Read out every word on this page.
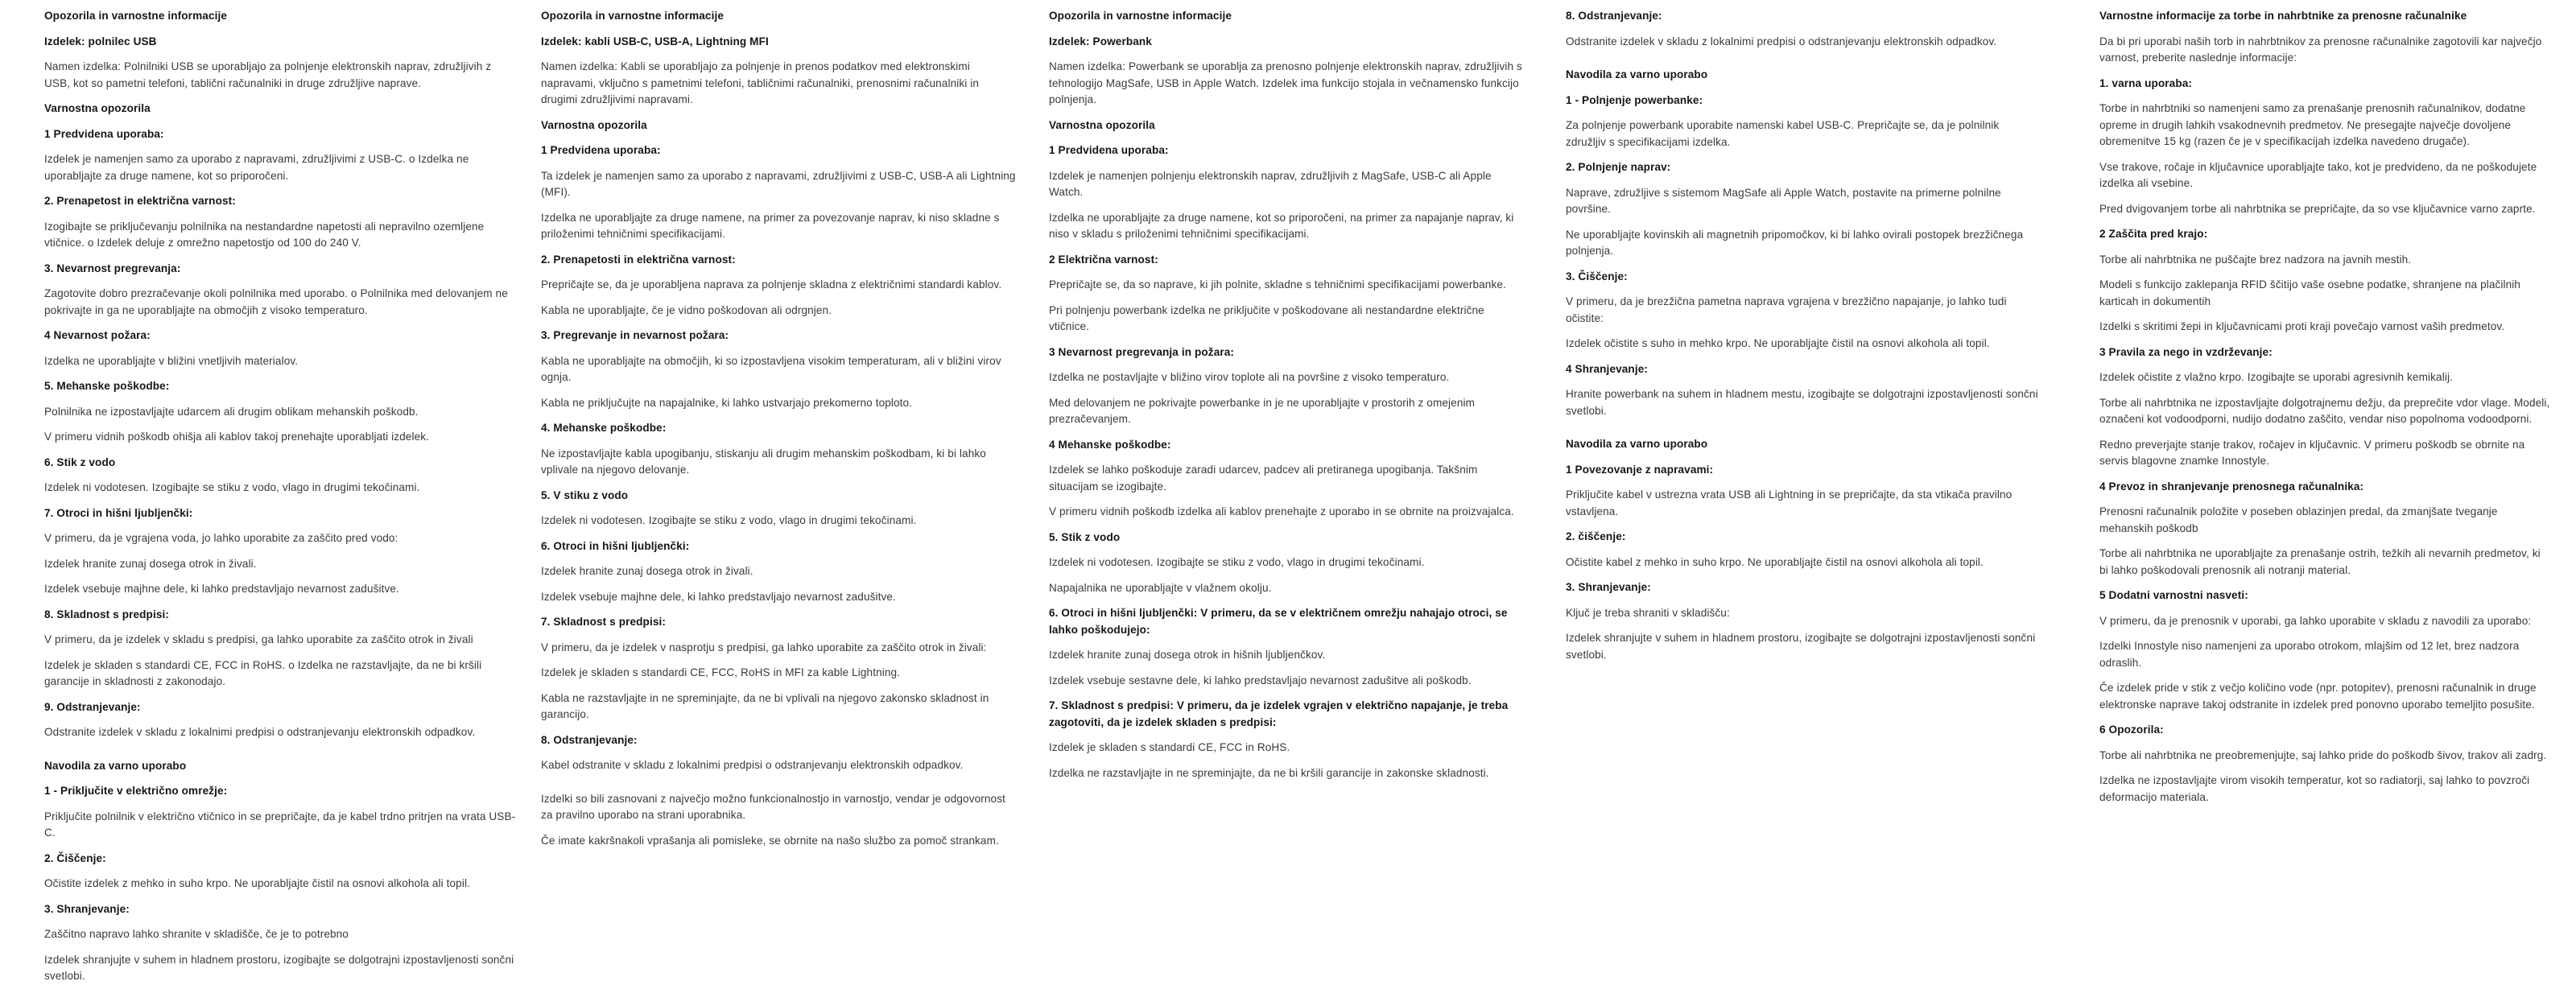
Opozorila in varnostne informacije

Izdelek: polnilec USB

Namen izdelka: Polnilniki USB se uporabljajo za polnjenje elektronskih naprav, združljivih z USB, kot so pametni telefoni, tablični računalniki in druge združljive naprave.

Varnostna opozorila

1 Predvidena uporaba:

Izdelek je namenjen samo za uporabo z napravami, združljivimi z USB-C. o Izdelka ne uporabljajte za druge namene, kot so priporočeni.

2. Prenapetost in električna varnost:

Izogibajte se priključevanju polnilnika na nestandardne napetosti ali nepravilno ozemljene vtičnice. o Izdelek deluje z omrežno napetostjo od 100 do 240 V.

3. Nevarnost pregrevanja:

Zagotovite dobro prezračevanje okoli polnilnika med uporabo. o Polnilnika med delovanjem ne pokrivajte in ga ne uporabljajte na območjih z visoko temperaturo.

4 Nevarnost požara:

Izdelka ne uporabljajte v bližini vnetljivih materialov.

5. Mehanske poškodbe:

Polnilnika ne izpostavljajte udarcem ali drugim oblikam mehanskih poškodb.

V primeru vidnih poškodb ohišja ali kablov takoj prenehajte uporabljati izdelek.

6. Stik z vodo

Izdelek ni vodotesen. Izogibajte se stiku z vodo, vlago in drugimi tekočinami.

7. Otroci in hišni ljubljenčki:

V primeru, da je vgrajena voda, jo lahko uporabite za zaščito pred vodo:

Izdelek hranite zunaj dosega otrok in živali.

Izdelek vsebuje majhne dele, ki lahko predstavljajo nevarnost zadušitve.

8. Skladnost s predpisi:

V primeru, da je izdelek v skladu s predpisi, ga lahko uporabite za zaščito otrok in živali

Izdelek je skladen s standardi CE, FCC in RoHS. o Izdelka ne razstavljajte, da ne bi kršili garancije in skladnosti z zakonodajo.

9. Odstranjevanje:

Odstranite izdelek v skladu z lokalnimi predpisi o odstranjevanju elektronskih odpadkov.

Navodila za varno uporabo

1 - Priključite v električno omrežje:

Priključite polnilnik v električno vtičnico in se prepričajte, da je kabel trdno pritrjen na vrata USB-C.

2. Čiščenje:

Očistite izdelek z mehko in suho krpo. Ne uporabljajte čistil na osnovi alkohola ali topil.

3. Shranjevanje:

Zaščitno napravo lahko shranite v skladišče, če je to potrebno

Izdelek shranjujte v suhem in hladnem prostoru, izogibajte se dolgotrajni izpostavljenosti sončni svetlobi.

Opozorila in varnostne informacije

Izdelek: kabli USB-C, USB-A, Lightning MFI

Namen izdelka: Kabli se uporabljajo za polnjenje in prenos podatkov med elektronskimi napravami, vključno s pametnimi telefoni, tabličnimi računalniki, prenosnimi računalniki in drugimi združljivimi napravami.

Varnostna opozorila

1 Predvidena uporaba:

Ta izdelek je namenjen samo za uporabo z napravami, združljivimi z USB-C, USB-A ali Lightning (MFI).

Izdelka ne uporabljajte za druge namene, na primer za povezovanje naprav, ki niso skladne s priloženimi tehničnimi specifikacijami.

2. Prenapetosti in električna varnost:

Prepričajte se, da je uporabljena naprava za polnjenje skladna z električnimi standardi kablov.

Kabla ne uporabljajte, če je vidno poškodovan ali odrgnjen.

3. Pregrevanje in nevarnost požara:

Kabla ne uporabljajte na območjih, ki so izpostavljena visokim temperaturam, ali v bližini virov ognja.

Kabla ne priključujte na napajalnike, ki lahko ustvarjajo prekomerno toploto.

4. Mehanske poškodbe:

Ne izpostavljajte kabla upogibanju, stiskanju ali drugim mehanskim poškodbam, ki bi lahko vplivale na njegovo delovanje.

5. V stiku z vodo

Izdelek ni vodotesen. Izogibajte se stiku z vodo, vlago in drugimi tekočinami.

6. Otroci in hišni ljubljenčki:

Izdelek hranite zunaj dosega otrok in živali.

Izdelek vsebuje majhne dele, ki lahko predstavljajo nevarnost zadušitve.

7. Skladnost s predpisi:

V primeru, da je izdelek v nasprotju s predpisi, ga lahko uporabite za zaščito otrok in živali:

Izdelek je skladen s standardi CE, FCC, RoHS in MFI za kable Lightning.

Kabla ne razstavljajte in ne spreminjajte, da ne bi vplivali na njegovo zakonsko skladnost in garancijo.

8. Odstranjevanje:

Kabel odstranite v skladu z lokalnimi predpisi o odstranjevanju elektronskih odpadkov.

Izdelki so bili zasnovani z največjo možno funkcionalnostjo in varnostjo, vendar je odgovornost za pravilno uporabo na strani uporabnika.

Če imate kakršnakoli vprašanja ali pomisleke, se obrnite na našo službo za pomoč strankam.

Opozorila in varnostne informacije

Izdelek: Powerbank

Namen izdelka: Powerbank se uporablja za prenosno polnjenje elektronskih naprav, združljivih s tehnologijo MagSafe, USB in Apple Watch. Izdelek ima funkcijo stojala in večnamensko funkcijo polnjenja.

Varnostna opozorila

1 Predvidena uporaba:

Izdelek je namenjen polnjenju elektronskih naprav, združljivih z MagSafe, USB-C ali Apple Watch.

Izdelka ne uporabljajte za druge namene, kot so priporočeni, na primer za napajanje naprav, ki niso v skladu s priloženimi tehničnimi specifikacijami.

2 Električna varnost:

Prepričajte se, da so naprave, ki jih polnite, skladne s tehničnimi specifikacijami powerbanke.

Pri polnjenju powerbank izdelka ne priključite v poškodovane ali nestandardne električne vtičnice.

3 Nevarnost pregrevanja in požara:

Izdelka ne postavljajte v bližino virov toplote ali na površine z visoko temperaturo.

Med delovanjem ne pokrivajte powerbanke in je ne uporabljajte v prostorih z omejenim prezračevanjem.

4 Mehanske poškodbe:

Izdelek se lahko poškoduje zaradi udarcev, padcev ali pretiranega upogibanja. Takšnim situacijam se izogibajte.

V primeru vidnih poškodb izdelka ali kablov prenehajte z uporabo in se obrnite na proizvajalca.

5. Stik z vodo

Izdelek ni vodotesen. Izogibajte se stiku z vodo, vlago in drugimi tekočinami.

Napajalnika ne uporabljajte v vlažnem okolju.

6. Otroci in hišni ljubljenčki: V primeru, da se v električnem omrežju nahajajo otroci, se lahko poškodujejo:

Izdelek hranite zunaj dosega otrok in hišnih ljubljenčkov.

Izdelek vsebuje sestavne dele, ki lahko predstavljajo nevarnost zadušitve ali poškodb.

7. Skladnost s predpisi: V primeru, da je izdelek vgrajen v električno napajanje, je treba zagotoviti, da je izdelek skladen s predpisi:

Izdelek je skladen s standardi CE, FCC in RoHS.

Izdelka ne razstavljajte in ne spreminjajte, da ne bi kršili garancije in zakonske skladnosti.

8. Odstranjevanje:

Odstranite izdelek v skladu z lokalnimi predpisi o odstranjevanju elektronskih odpadkov.

Navodila za varno uporabo

1 - Polnjenje powerbanke:

Za polnjenje powerbank uporabite namenski kabel USB-C. Prepričajte se, da je polnilnik združljiv s specifikacijami izdelka.

2. Polnjenje naprav:

Naprave, združljive s sistemom MagSafe ali Apple Watch, postavite na primerne polnilne površine.

Ne uporabljajte kovinskih ali magnetnih pripomočkov, ki bi lahko ovirali postopek brezžičnega polnjenja.

3. Čiščenje:

V primeru, da je brezžična pametna naprava vgrajena v brezžično napajanje, jo lahko tudi očistite:

Izdelek očistite s suho in mehko krpo. Ne uporabljajte čistil na osnovi alkohola ali topil.

4 Shranjevanje:

Hranite powerbank na suhem in hladnem mestu, izogibajte se dolgotrajni izpostavljenosti sončni svetlobi.

Navodila za varno uporabo

1 Povezovanje z napravami:

Priključite kabel v ustrezna vrata USB ali Lightning in se prepričajte, da sta vtikača pravilno vstavljena.

2. čiščenje:

Očistite kabel z mehko in suho krpo. Ne uporabljajte čistil na osnovi alkohola ali topil.

3. Shranjevanje:

Ključ je treba shraniti v skladišču:

Izdelek shranjujte v suhem in hladnem prostoru, izogibajte se dolgotrajni izpostavljenosti sončni svetlobi.

Varnostne informacije za torbe in nahrbtnike za prenosne računalnike

Da bi pri uporabi naših torb in nahrbtnikov za prenosne računalnike zagotovili kar največjo varnost, preberite naslednje informacije:

1. varna uporaba:

Torbe in nahrbtniki so namenjeni samo za prenašanje prenosnih računalnikov, dodatne opreme in drugih lahkih vsakodnevnih predmetov. Ne presegajte največje dovoljene obremenitve 15 kg (razen če je v specifikacijah izdelka navedeno drugače).

Vse trakove, ročaje in ključavnice uporabljajte tako, kot je predvideno, da ne poškodujete izdelka ali vsebine.

Pred dvigovanjem torbe ali nahrbtnika se prepričajte, da so vse ključavnice varno zaprte.

2 Zaščita pred krajo:

Torbe ali nahrbtnika ne puščajte brez nadzora na javnih mestih.

Modeli s funkcijo zaklepanja RFID ščitijo vaše osebne podatke, shranjene na plačilnih karticah in dokumentih

Izdelki s skritimi žepi in ključavnicami proti kraji povečajo varnost vaših predmetov.

3 Pravila za nego in vzdrževanje:

Izdelek očistite z vlažno krpo. Izogibajte se uporabi agresivnih kemikalij.

Torbe ali nahrbtnika ne izpostavljajte dolgotrajnemu dežju, da preprečite vdor vlage. Modeli, označeni kot vodoodporni, nudijo dodatno zaščito, vendar niso popolnoma vodoodporni.

Redno preverjajte stanje trakov, ročajev in ključavnic. V primeru poškodb se obrnite na servis blagovne znamke Innostyle.

4 Prevoz in shranjevanje prenosnega računalnika:

Prenosni računalnik položite v poseben oblazinjen predal, da zmanjšate tveganje mehanskih poškodb

Torbe ali nahrbtnika ne uporabljajte za prenašanje ostrih, težkih ali nevarnih predmetov, ki bi lahko poškodovali prenosnik ali notranji material.

5 Dodatni varnostni nasveti:

V primeru, da je prenosnik v uporabi, ga lahko uporabite v skladu z navodili za uporabo:

Izdelki Innostyle niso namenjeni za uporabo otrokom, mlajšim od 12 let, brez nadzora odraslih.

Če izdelek pride v stik z večjo količino vode (npr. potopitev), prenosni računalnik in druge elektronske naprave takoj odstranite in izdelek pred ponovno uporabo temeljito posušite.

6 Opozorila:

Torbe ali nahrbtnika ne preobremenjujte, saj lahko pride do poškodb šivov, trakov ali zadrg.

Izdelka ne izpostavljajte virom visokih temperatur, kot so radiatorji, saj lahko to povzroči deformacijo materiala.
